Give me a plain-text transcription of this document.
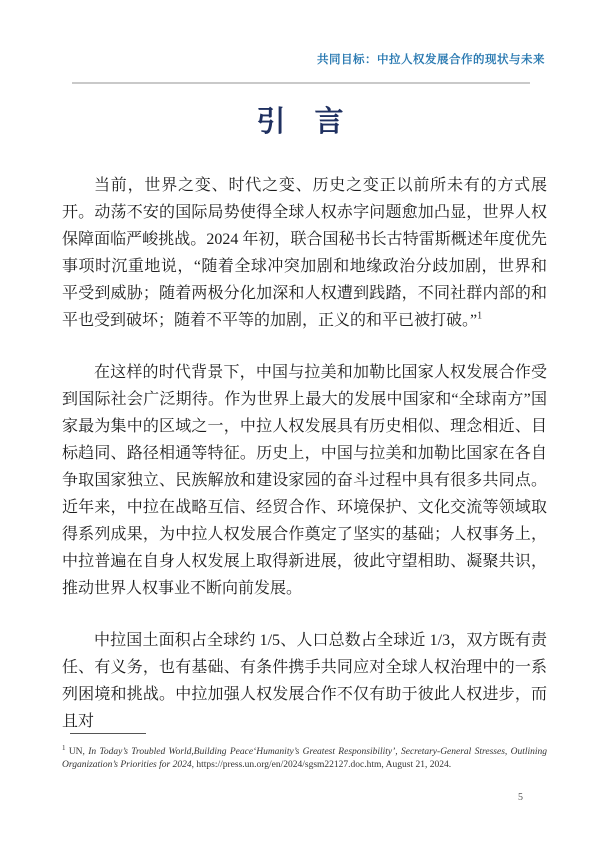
共同目标：中拉人权发展合作的现状与未来
引　言

当前，世界之变、时代之变、历史之变正以前所未有的方式展开。动荡不安的国际局势使得全球人权赤字问题愈加凸显，世界人权保障面临严峻挑战。2024 年初，联合国秘书长古特雷斯概述年度优先事项时沉重地说，“随着全球冲突加剧和地缘政治分歧加剧，世界和平受到威胁；随着两极分化加深和人权遭到践踏，不同社群内部的和平也受到破坏；随着不平等的加剧，正义的和平已被打破。”$^1$

在这样的时代背景下，中国与拉美和加勒比国家人权发展合作受到国际社会广泛期待。作为世界上最大的发展中国家和“全球南方”国家最为集中的区域之一，中拉人权发展具有历史相似、理念相近、目标趋同、路径相通等特征。历史上，中国与拉美和加勒比国家在各自争取国家独立、民族解放和建设家园的奋斗过程中具有很多共同点。近年来，中拉在战略互信、经贸合作、环境保护、文化交流等领域取得系列成果，为中拉人权发展合作奠定了坚实的基础；人权事务上，中拉普遍在自身人权发展上取得新进展，彼此守望相助、凝聚共识，推动世界人权事业不断向前发展。

中拉国土面积占全球约 1/5、人口总数占全球近 1/3，双方既有责任、有义务，也有基础、有条件携手共同应对全球人权治理中的一系列困境和挑战。中拉加强人权发展合作不仅有助于彼此人权进步，而且对

$^1$ UN, In Today’s Troubled World,Building Peace‘Humanity’s Greatest Responsibility’, Secretary-General Stresses, Outlining Organization’s Priorities for 2024, https://press.un.org/en/2024/sgsm22127.doc.htm, August 21, 2024.

5
